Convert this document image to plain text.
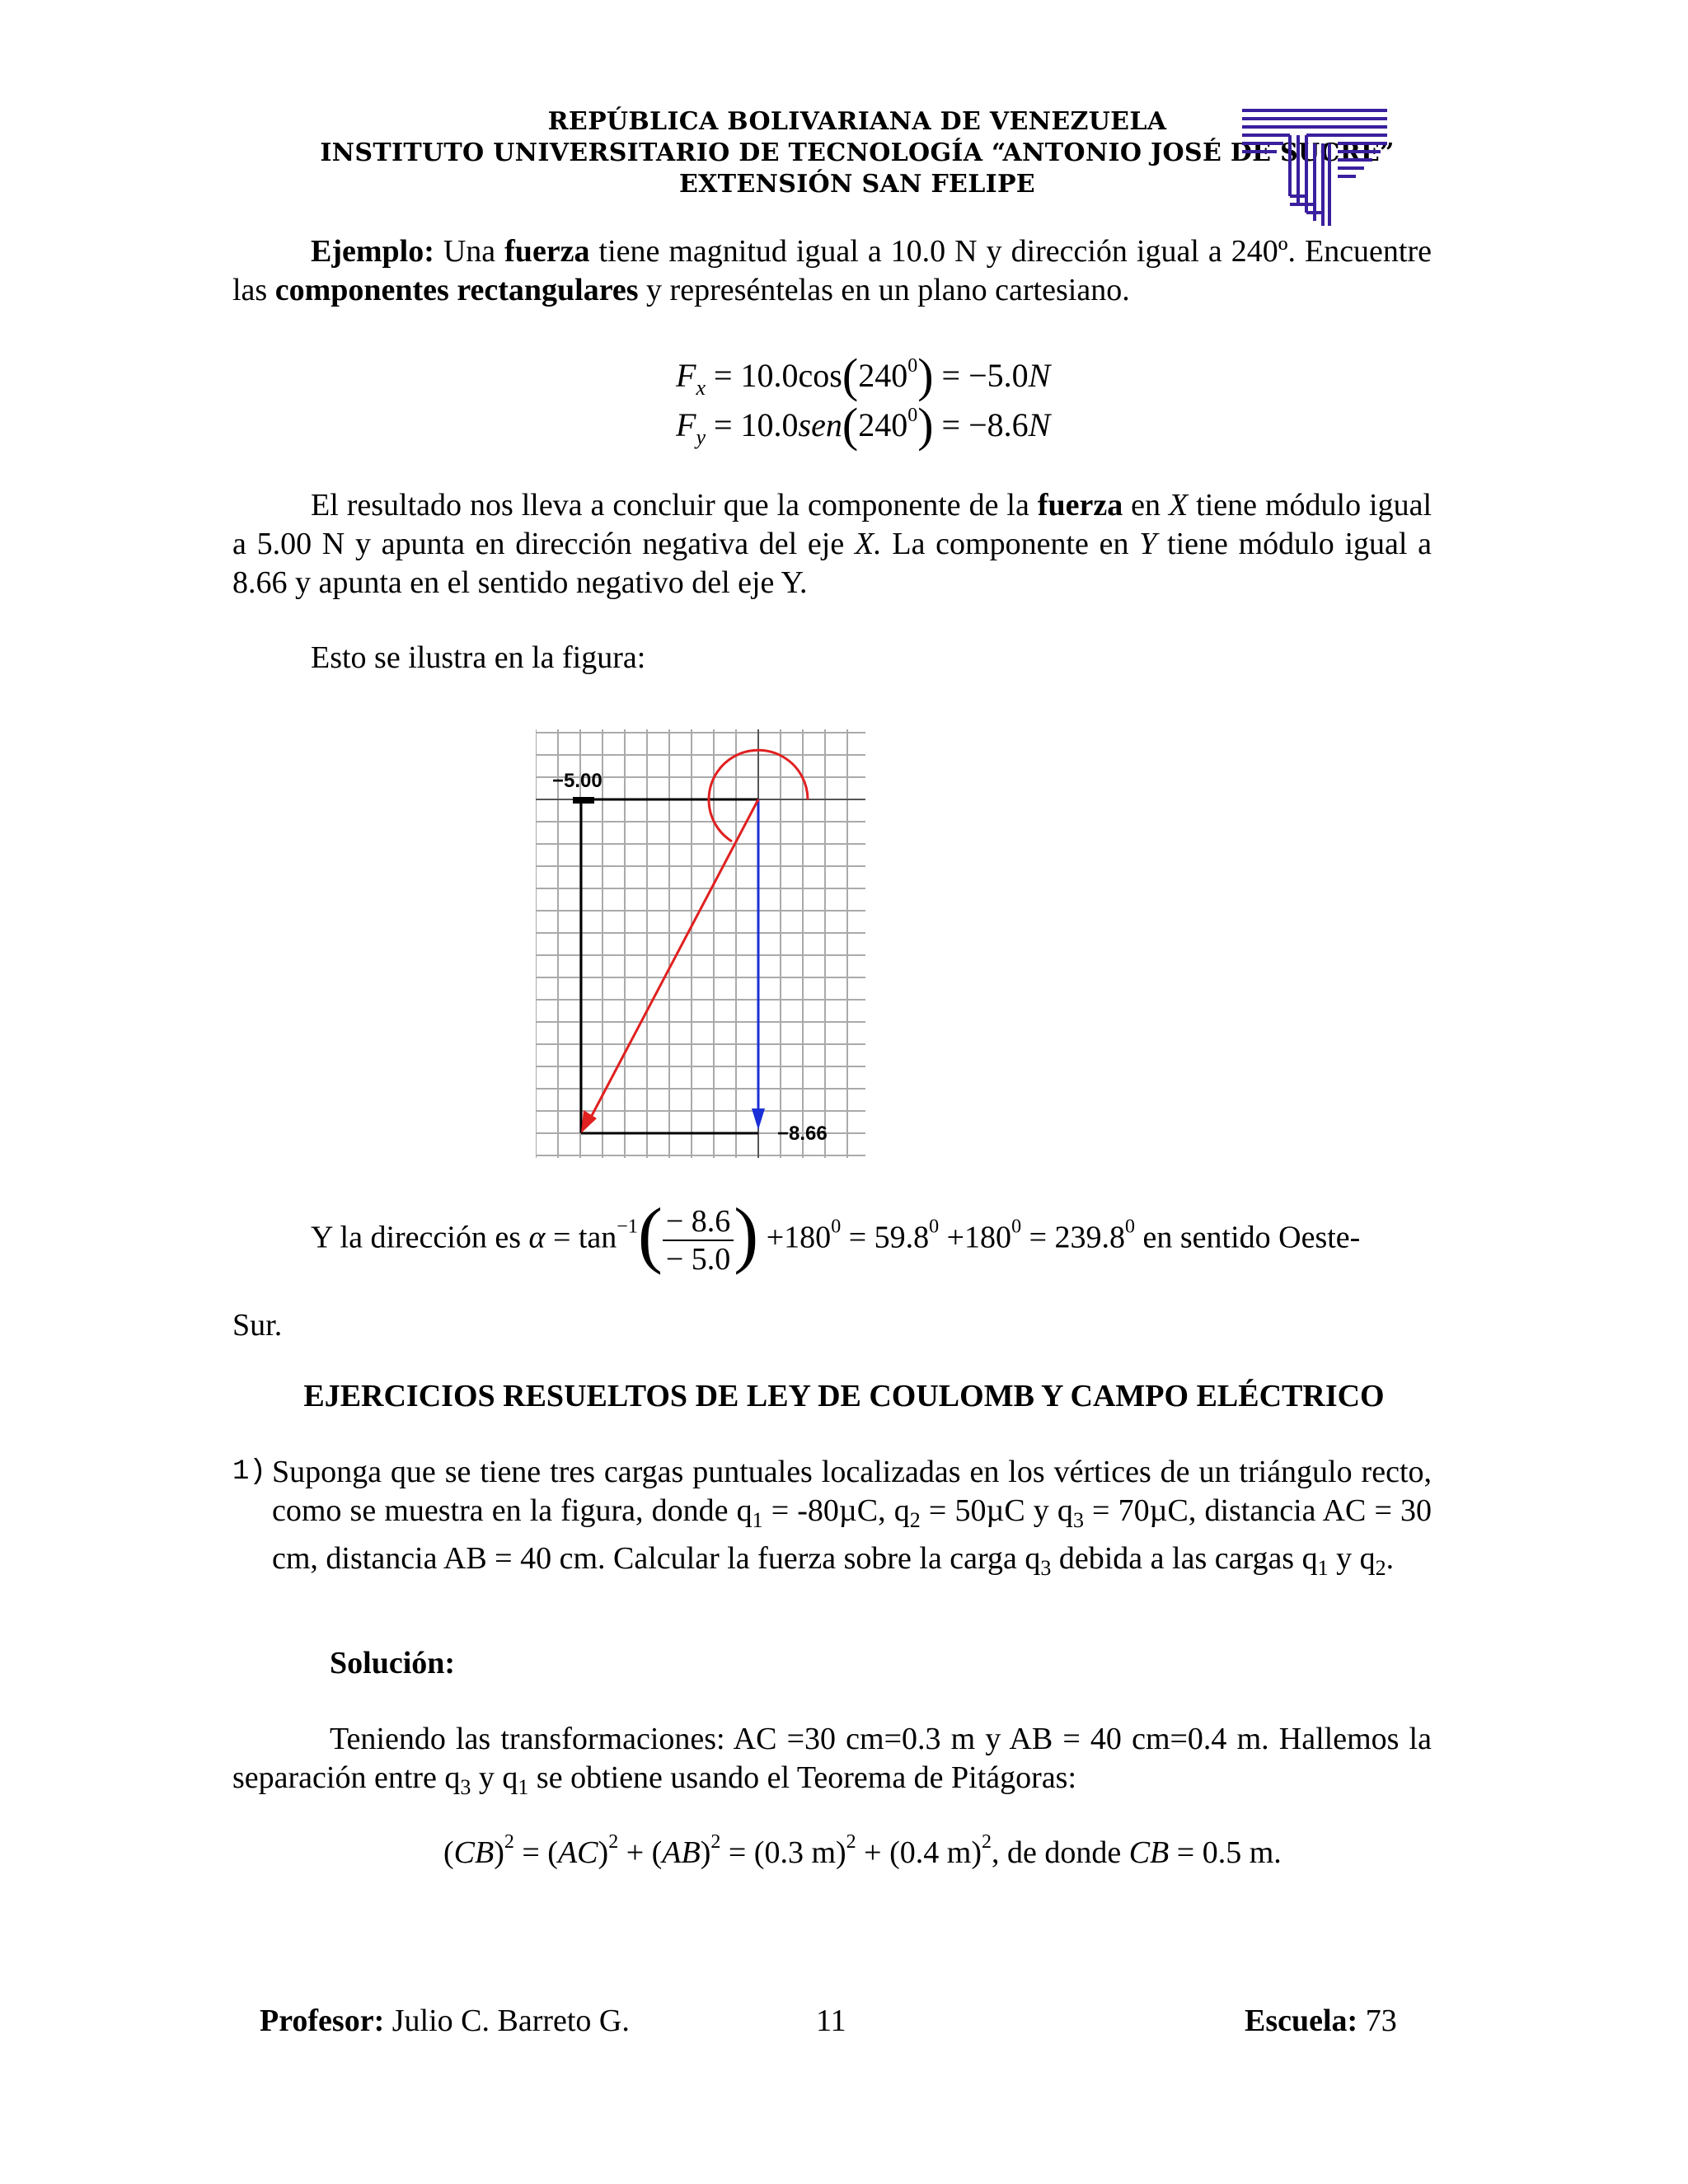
REPÚBLICA BOLIVARIANA DE VENEZUELA
INSTITUTO UNIVERSITARIO DE TECNOLOGÍA “ANTONIO JOSÉ DE SUCRE”
EXTENSIÓN SAN FELIPE
Ejemplo: Una fuerza tiene magnitud igual a 10.0 N y dirección igual a 240º. Encuentre las componentes rectangulares y represéntelas en un plano cartesiano.
$F_x = 10.0\cos(240^0) = -5.0N$
$F_y = 10.0sen(240^0) = -8.6N$
El resultado nos lleva a concluir que la componente de la fuerza en X tiene módulo igual a 5.00 N y apunta en dirección negativa del eje X. La componente en Y tiene módulo igual a 8.66 y apunta en el sentido negativo del eje Y.
Esto se ilustra en la figura:
−5.00
−8.66
Y la dirección es $\alpha = \tan^{-1}( \frac{- 8.6}{- 5.0}$ ) $+180^0 = 59.8^0 +180^0 = 239.8^0$ en sentido Oeste-
Sur.
EJERCICIOS RESUELTOS DE LEY DE COULOMB Y CAMPO ELÉCTRICO
1) Suponga que se tiene tres cargas puntuales localizadas en los vértices de un triángulo recto, como se muestra en la figura, donde $q_1 = -80\mu C$, $q_2 = 50\mu C$ y $q_3 = 70\mu C$, distancia AC = 30 cm, distancia AB = 40 cm. Calcular la fuerza sobre la carga $q_3$ debida a las cargas $q_1$ y $q_2$.
Solución:
Teniendo las transformaciones: AC =30 cm=0.3 m y AB = 40 cm=0.4 m. Hallemos la separación entre $q_3$ y $q_1$ se obtiene usando el Teorema de Pitágoras:
(CB)$^2$ = (AC)$^2$ + (AB)$^2$ = (0.3 m)$^2$ + (0.4 m)$^2$, de donde CB = 0.5 m.
Profesor: Julio C. Barreto G.	11	Escuela: 73
